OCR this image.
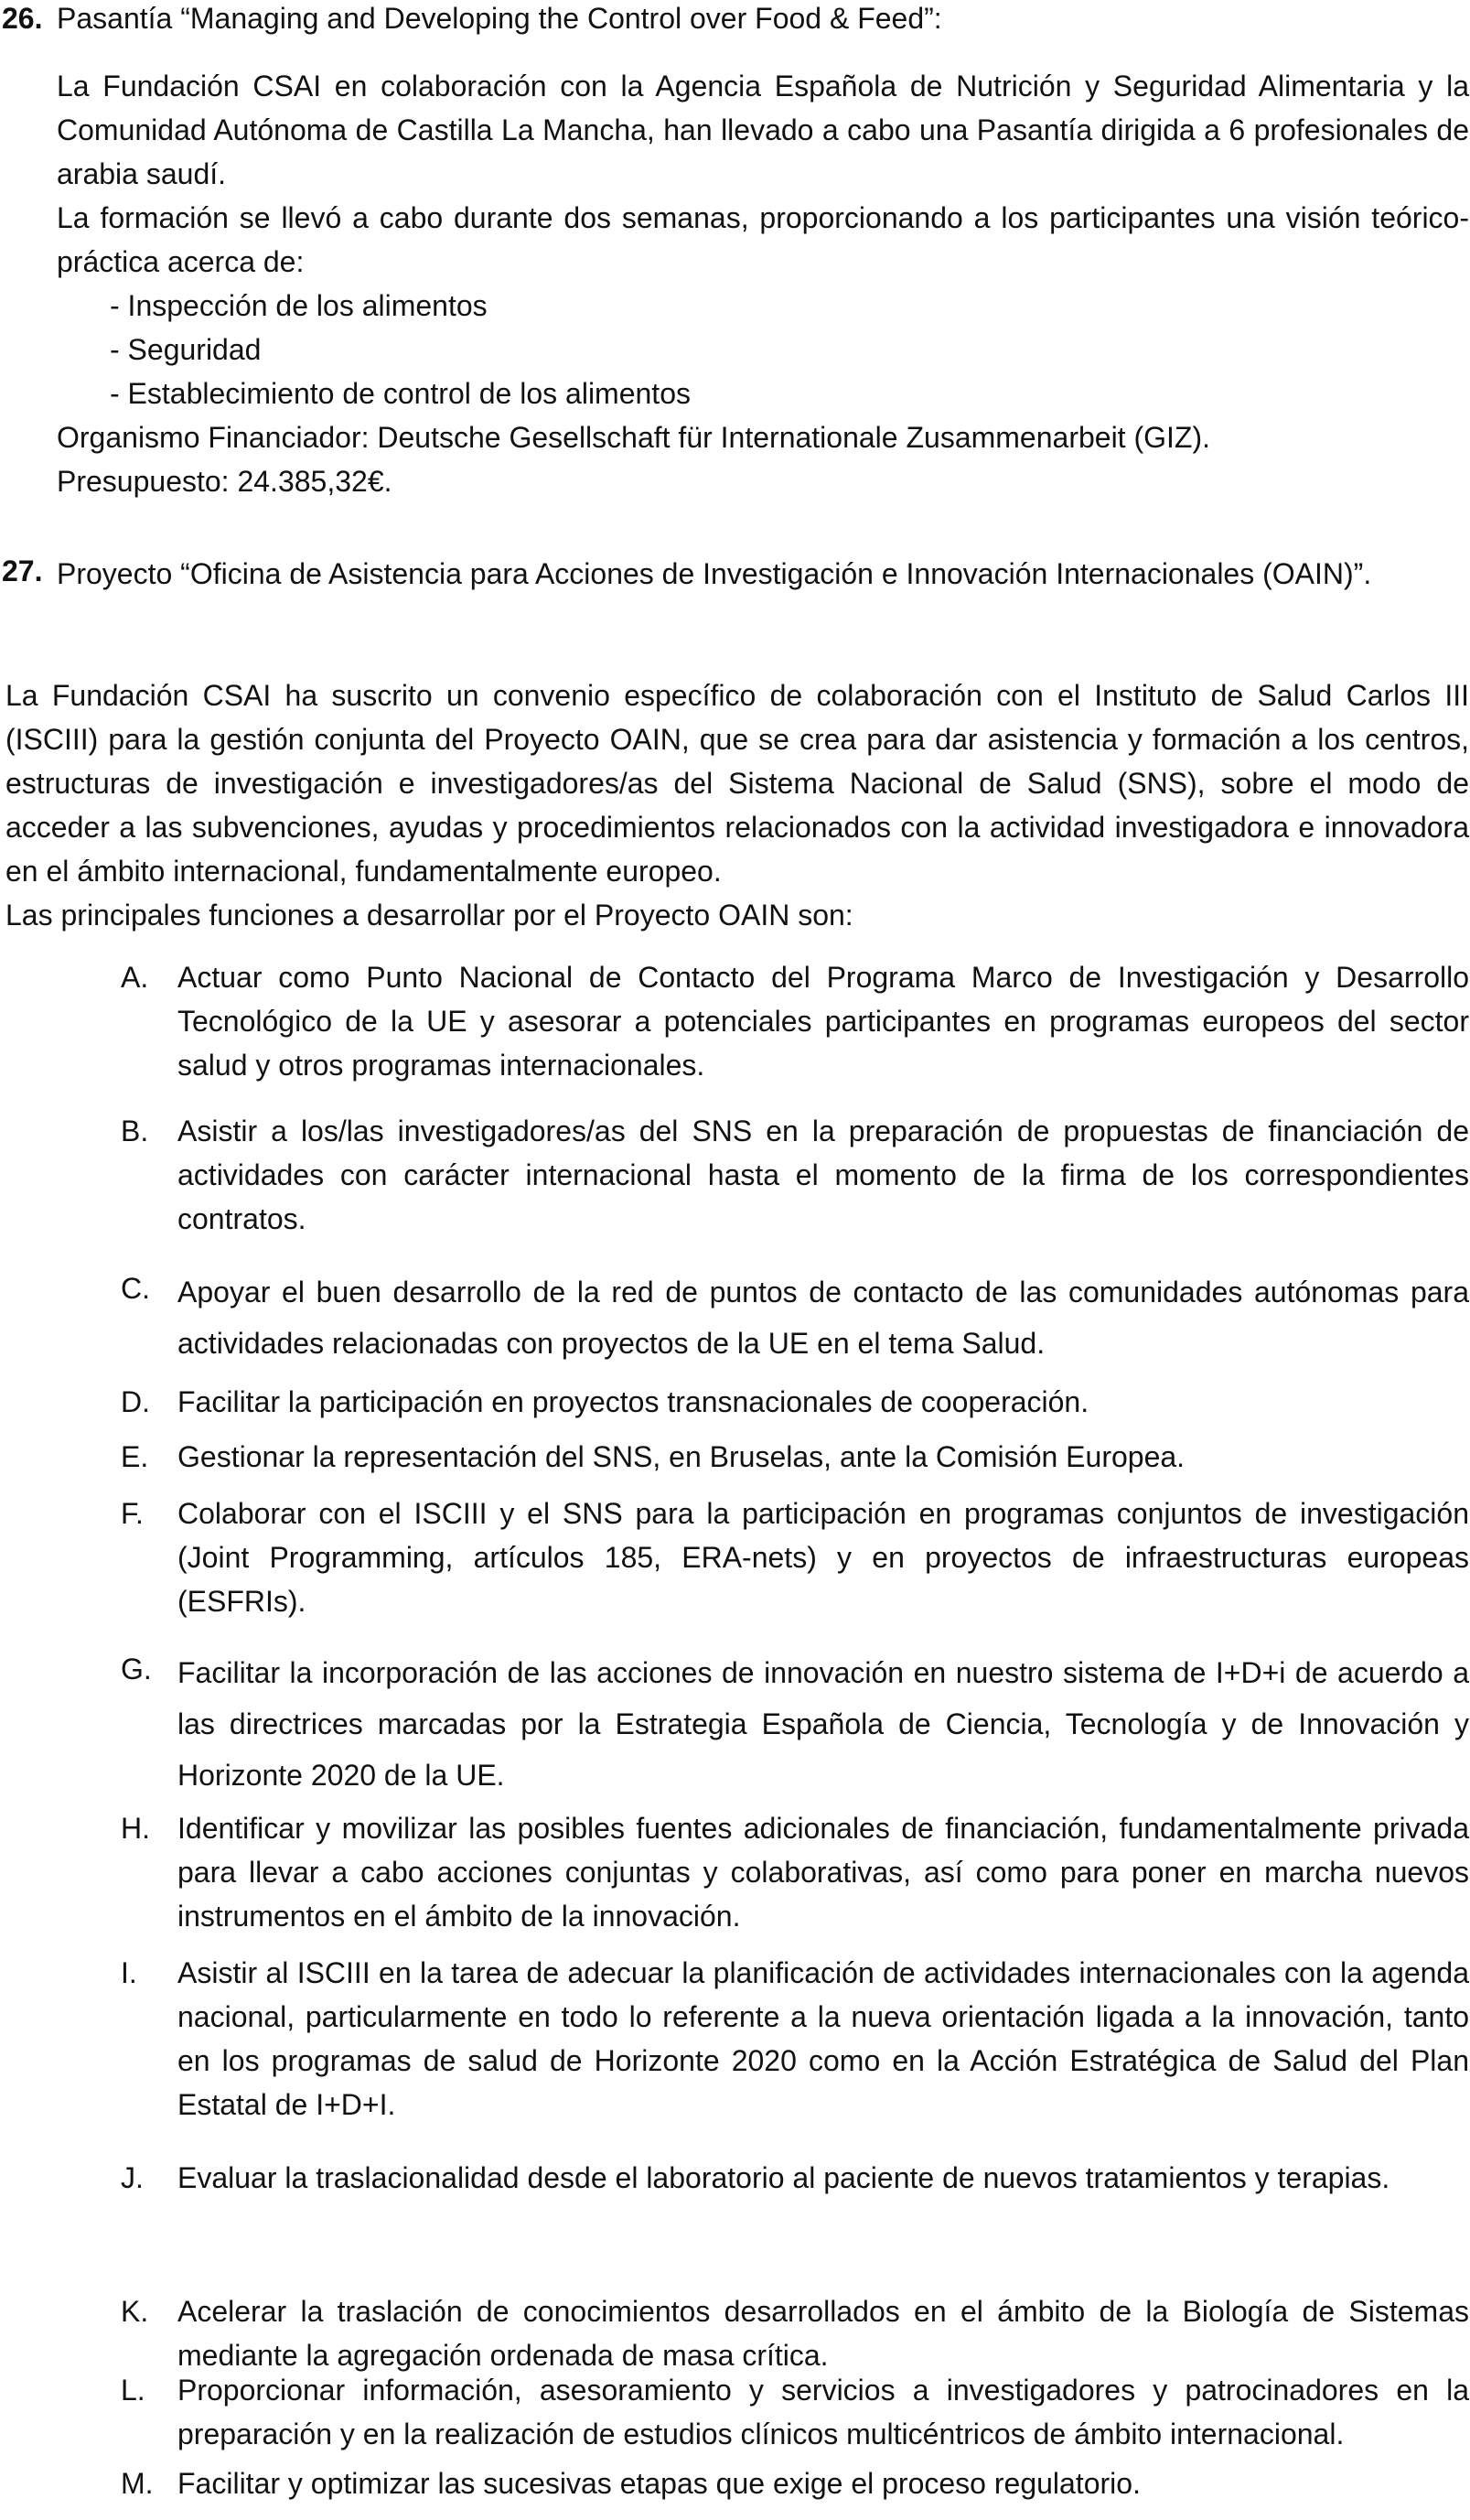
26. Pasantía “Managing and Developing the Control over Food & Feed”:
La Fundación CSAI en colaboración con la Agencia Española de Nutrición y Seguridad Alimentaria y la Comunidad Autónoma de Castilla La Mancha, han llevado a cabo una Pasantía dirigida a 6 profesionales de arabia saudí.
La formación se llevó a cabo durante dos semanas, proporcionando a los participantes una visión teórico-práctica acerca de:
- Inspección de los alimentos
- Seguridad
- Establecimiento de control de los alimentos
Organismo Financiador: Deutsche Gesellschaft für Internationale Zusammenarbeit (GIZ).
Presupuesto: 24.385,32€.
27. Proyecto “Oficina de Asistencia para Acciones de Investigación e Innovación Internacionales (OAIN)”.
La Fundación CSAI ha suscrito un convenio específico de colaboración con el Instituto de Salud Carlos III (ISCIII) para la gestión conjunta del Proyecto OAIN, que se crea para dar asistencia y formación a los centros, estructuras de investigación e investigadores/as del Sistema Nacional de Salud (SNS), sobre el modo de acceder a las subvenciones, ayudas y procedimientos relacionados con la actividad investigadora e innovadora en el ámbito internacional, fundamentalmente europeo.
Las principales funciones a desarrollar por el Proyecto OAIN son:
A. Actuar como Punto Nacional de Contacto del Programa Marco de Investigación y Desarrollo Tecnológico de la UE y asesorar a potenciales participantes en programas europeos del sector salud y otros programas internacionales.
B. Asistir a los/las investigadores/as del SNS en la preparación de propuestas de financiación de actividades con carácter internacional hasta el momento de la firma de los correspondientes contratos.
C. Apoyar el buen desarrollo de la red de puntos de contacto de las comunidades autónomas para actividades relacionadas con proyectos de la UE en el tema Salud.
D. Facilitar la participación en proyectos transnacionales de cooperación.
E. Gestionar la representación del SNS, en Bruselas, ante la Comisión Europea.
F.	Colaborar con el ISCIII y el SNS para la participación en programas conjuntos de investigación (Joint Programming, artículos 185, ERA-nets) y en proyectos de infraestructuras europeas (ESFRIs).
G. Facilitar la incorporación de las acciones de innovación en nuestro sistema de I+D+i de acuerdo a las directrices marcadas por la Estrategia Española de Ciencia, Tecnología y de Innovación y Horizonte 2020 de la UE.
H. Identificar y movilizar las posibles fuentes adicionales de financiación, fundamentalmente privada para llevar a cabo acciones conjuntas y colaborativas, así como para poner en marcha nuevos instrumentos en el ámbito de la innovación.
I.	Asistir al ISCIII en la tarea de adecuar la planificación de actividades internacionales con la agenda nacional, particularmente en todo lo referente a la nueva orientación ligada a la innovación, tanto en los programas de salud de Horizonte 2020 como en la Acción Estratégica de Salud del Plan Estatal de I+D+I.
J.	Evaluar la traslacionalidad desde el laboratorio al paciente de nuevos tratamientos y terapias.
K. Acelerar la traslación de conocimientos desarrollados en el ámbito de la Biología de Sistemas mediante la agregación ordenada de masa crítica.
L.	Proporcionar información, asesoramiento y servicios a investigadores y patrocinadores en la preparación y en la realización de estudios clínicos multicéntricos de ámbito internacional.
M. Facilitar y optimizar las sucesivas etapas que exige el proceso regulatorio.
